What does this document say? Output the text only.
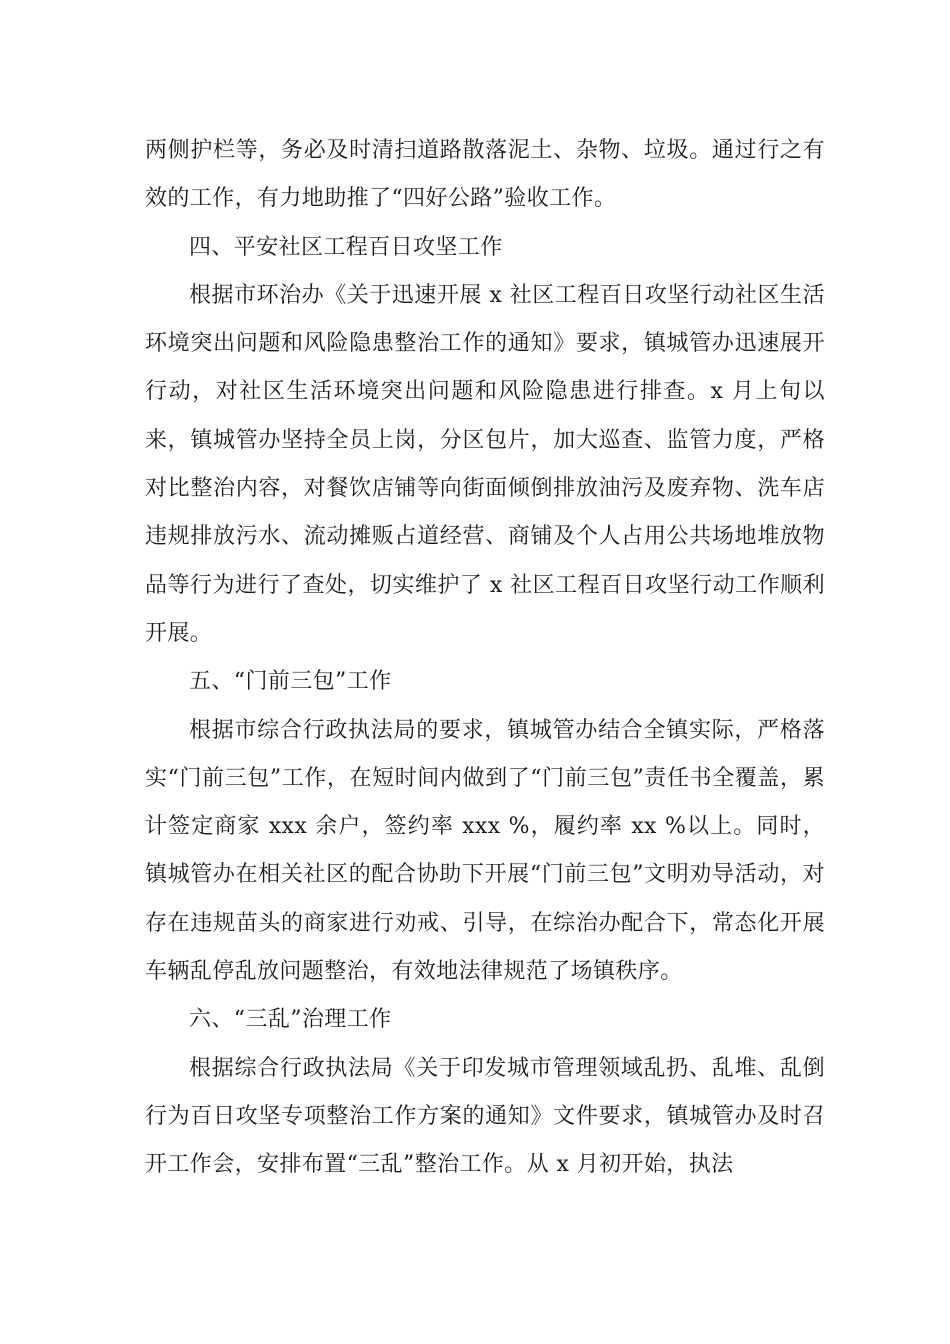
两侧护栏等，务必及时清扫道路散落泥土、杂物、垃圾。通过行之有效的工作，有力地助推了“四好公路”验收工作。

四、平安社区工程百日攻坚工作

根据市环治办《关于迅速开展 x 社区工程百日攻坚行动社区生活环境突出问题和风险隐患整治工作的通知》要求，镇城管办迅速展开行动，对社区生活环境突出问题和风险隐患进行排查。x 月上旬以来，镇城管办坚持全员上岗，分区包片，加大巡查、监管力度，严格对比整治内容，对餐饮店铺等向街面倾倒排放油污及废弃物、洗车店违规排放污水、流动摊贩占道经营、商铺及个人占用公共场地堆放物品等行为进行了查处，切实维护了 x 社区工程百日攻坚行动工作顺利开展。

五、“门前三包”工作

根据市综合行政执法局的要求，镇城管办结合全镇实际，严格落实“门前三包”工作，在短时间内做到了“门前三包”责任书全覆盖，累计签定商家 xxx 余户，签约率 xxx %，履约率 xx %以上。同时，镇城管办在相关社区的配合协助下开展“门前三包”文明劝导活动，对存在违规苗头的商家进行劝戒、引导，在综治办配合下，常态化开展车辆乱停乱放问题整治，有效地法律规范了场镇秩序。

六、“三乱”治理工作

根据综合行政执法局《关于印发城市管理领域乱扔、乱堆、乱倒行为百日攻坚专项整治工作方案的通知》文件要求，镇城管办及时召开工作会，安排布置“三乱”整治工作。从 x 月初开始，执法
